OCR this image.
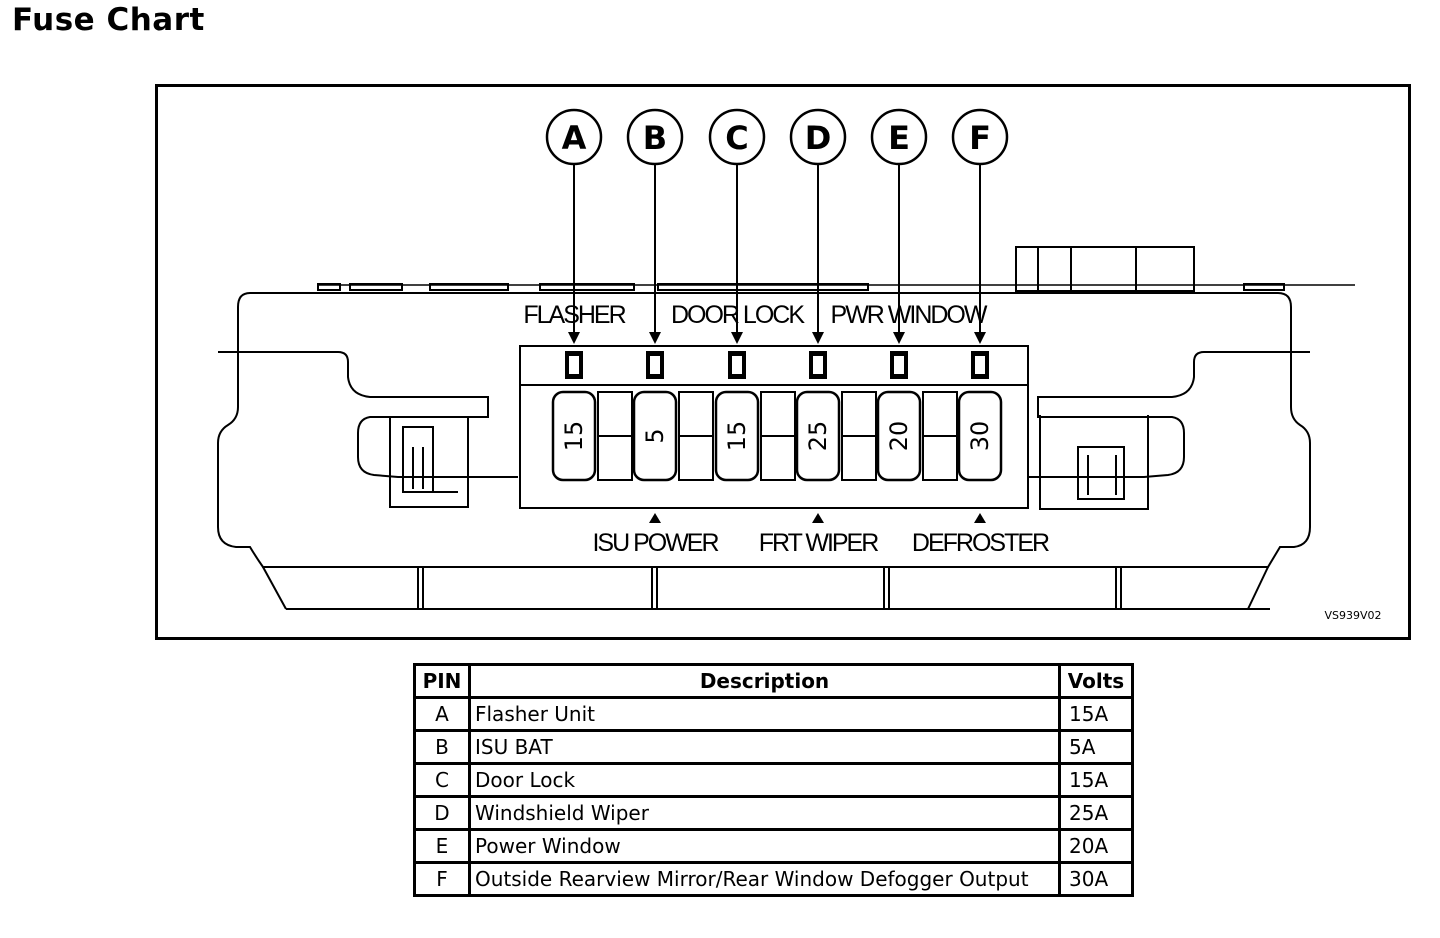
Fuse Chart
A
15
B
5
C
15
D
25
E
20
F
30
FLASHER DOOR LOCK PWR WINDOW
ISU POWER FRT WIPER DEFROSTER
VS939V02
PIN	Description	Volts
A	Flasher Unit	15A
B	ISU BAT	5A
C	Door Lock	15A
D	Windshield Wiper	25A
E	Power Window	20A
F	Outside Rearview Mirror/Rear Window Defogger Output	30A
